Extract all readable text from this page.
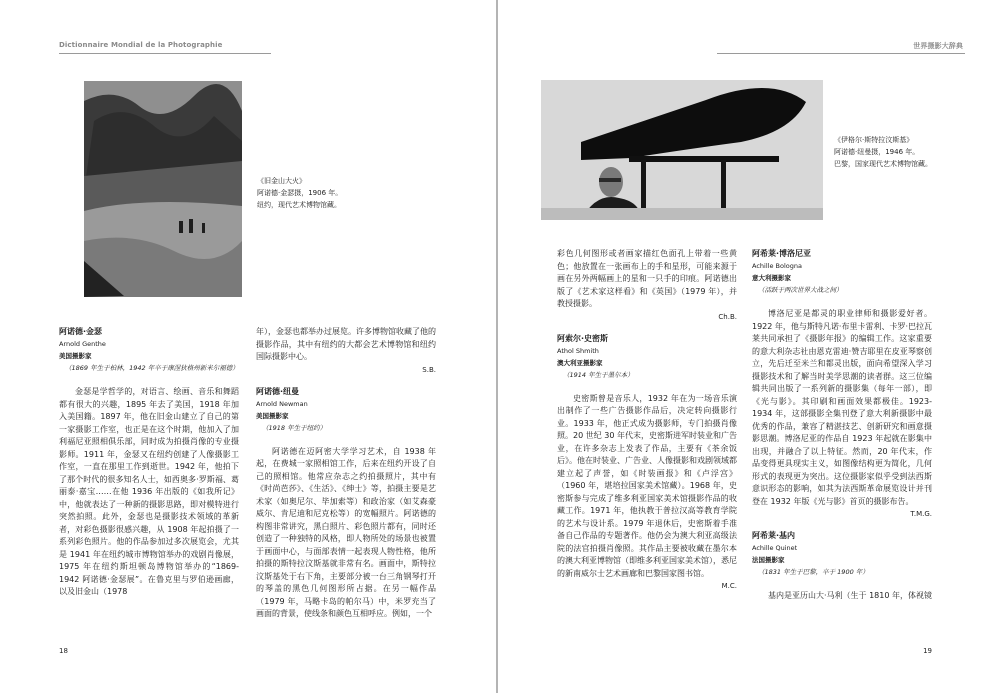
Dictionnaire Mondial de la Photographie
《旧金山大火》
阿诺德·金瑟摄，1906 年。
纽约，现代艺术博物馆藏。
阿诺德·金瑟
Arnold Genthe
美国摄影家
（1869 年生于柏林，1942 年卒于康涅狄格州新米尔福德）
金瑟是学哲学的，对语言、绘画、音乐和舞蹈都有很大的兴趣，1895 年去了美国，1918 年加入美国籍。1897 年，他在旧金山建立了自己的第一家摄影工作室，也正是在这个时期，他加入了加利福尼亚照相俱乐部，同时成为拍摄肖像的专业摄影师。1911 年，金瑟又在纽约创建了人像摄影工作室，一直在那里工作到逝世。1942 年，他拍下了那个时代的很多知名人士，如西奥多·罗斯福、葛丽泰·嘉宝……在他 1936 年出版的《如我所记》中，他就表达了一种新的摄影思路，即对模特进行突然拍照。此外，金瑟也是摄影技术领域的革新者，对彩色摄影很感兴趣，从 1908 年起拍摄了一系列彩色照片。他的作品参加过多次展览会，尤其是 1941 年在纽约城市博物馆举办的戏剧肖像展，1975 年在纽约斯坦顿岛博物馆举办的“1869-1942 阿诺德·金瑟展”。在鲁克里与罗伯逊画廊，以及旧金山（1978
年），金瑟也都举办过展览。许多博物馆收藏了他的摄影作品，其中有纽约的大都会艺术博物馆和纽约国际摄影中心。
S.B.
阿诺德·纽曼
Arnold Newman
美国摄影家
（1918 年生于纽约）
阿诺德在迈阿密大学学习艺术，自 1938 年起，在费城一家照相馆工作，后来在纽约开设了自己的照相馆。他常应杂志之约拍摄照片，其中有《时尚芭莎》、《生活》、《绅士》等，拍摄主要是艺术家（如奥尼尔、毕加索等）和政治家（如艾森豪威尔、肯尼迪和尼克松等）的宽幅照片。阿诺德的构图非常讲究，黑白照片、彩色照片都有，同时还创造了一种独特的风格，即人物所处的场景也被置于画面中心，与面部表情一起表现人物性格，他所拍摄的斯特拉汶斯基就非常有名。画面中，斯特拉汶斯基处于右下角，主要部分被一台三角钢琴打开的琴盖的黑色几何图形所占据。在另一幅作品（1979 年，马略卡岛的帕尔马）中，米罗充当了画面的背景，使线条和颜色互相呼应。例如，一个
18
世界摄影大辞典
《伊格尔·斯特拉汶斯基》
阿诺德·纽曼摄，1946 年。
巴黎，国家现代艺术博物馆藏。
彩色几何图形或者画家描红色面孔上带着一些黄色；他放置在一张画布上的手和星形，可能来源于画在另外两幅画上的星和一只手的印痕。阿诺德出版了《艺术家这样看》和《英国》（1979 年），并教授摄影。
Ch.B.
阿索尔·史密斯
Athol Shmith
澳大利亚摄影家
（1914 年生于墨尔本）
史密斯曾是音乐人，1932 年在为一场音乐演出制作了一些广告摄影作品后，决定转向摄影行业。1933 年，他正式成为摄影师，专门拍摄肖像照。20 世纪 30 年代末，史密斯进军时装业和广告业，在许多杂志上发表了作品，主要有《茶余饭后》。他在时装业、广告业、人像摄影和戏剧领域都建立起了声誉，如《时装画报》和《卢浮宫》（1960 年，堪培拉国家美术馆藏）。1968 年，史密斯参与完成了维多利亚国家美术馆摄影作品的收藏工作。1971 年，他执教于普拉汉高等教育学院的艺术与设计系。1979 年退休后，史密斯着手准备自己作品的专题著作。他仍会为澳大利亚高级法院的法官拍摄肖像照。其作品主要被收藏在墨尔本的澳大利亚博物馆（即维多利亚国家美术馆），悉尼的新南威尔士艺术画廊和巴黎国家图书馆。
M.C.
阿希莱·博洛尼亚
Achille Bologna
意大利摄影家
（活跃于两次世界大战之间）
博洛尼亚是都灵的职业律师和摄影爱好者。1922 年，他与斯特凡诺·布里卡雷利、卡罗·巴拉瓦莱共同承担了《摄影年报》的编辑工作。这家重要的意大利杂志社由恩克雷迪·赞吉耶里在皮亚琴察创立，先后迁至米兰和都灵出版，面向希望深入学习摄影技术和了解当时美学思潮的读者群。这三位编辑共同出版了一系列新的摄影集（每年一部），即《光与影》。其印刷和画面效果都极佳。1923-1934 年，这部摄影全集刊登了意大利新摄影中最优秀的作品，兼容了精湛技艺、创新研究和画意摄影思潮。博洛尼亚的作品自 1923 年起就在影集中出现，并融合了以上特征。然而，20 年代末，作品变得更具现实主义，如图像结构更为简化，几何形式的表现更为突出。这位摄影家似乎受到法西斯意识形态的影响，如其为法西斯革命展览设计并刊登在 1932 年版《光与影》首页的摄影布告。
T.M.G.
阿希莱·基内
Achille Quinet
法国摄影家
（1831 年生于巴黎，卒于 1900 年）
基内是亚历山大·马利（生于 1810 年，体视镜
19
